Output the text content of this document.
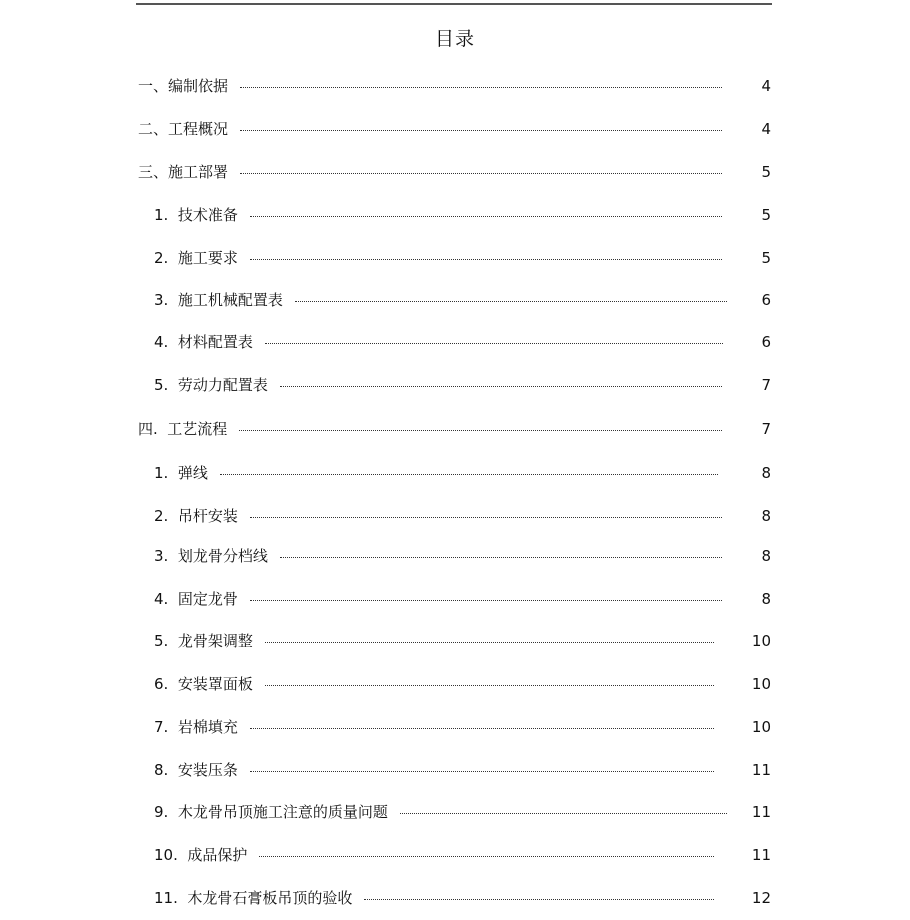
目录
一、编制依据	4
二、工程概况	4
三、施工部署	5
1.  技术准备	5
2.  施工要求	5
3.  施工机械配置表	6
4.  材料配置表	6
5.  劳动力配置表	7
四.  工艺流程	7
1.  弹线	8
2.  吊杆安装	8
3.  划龙骨分档线	8
4.  固定龙骨	8
5.  龙骨架调整	10
6.  安装罩面板	10
7.  岩棉填充	10
8.  安装压条	11
9.  木龙骨吊顶施工注意的质量问题	11
10.  成品保护	11
11.  木龙骨石膏板吊顶的验收	12
